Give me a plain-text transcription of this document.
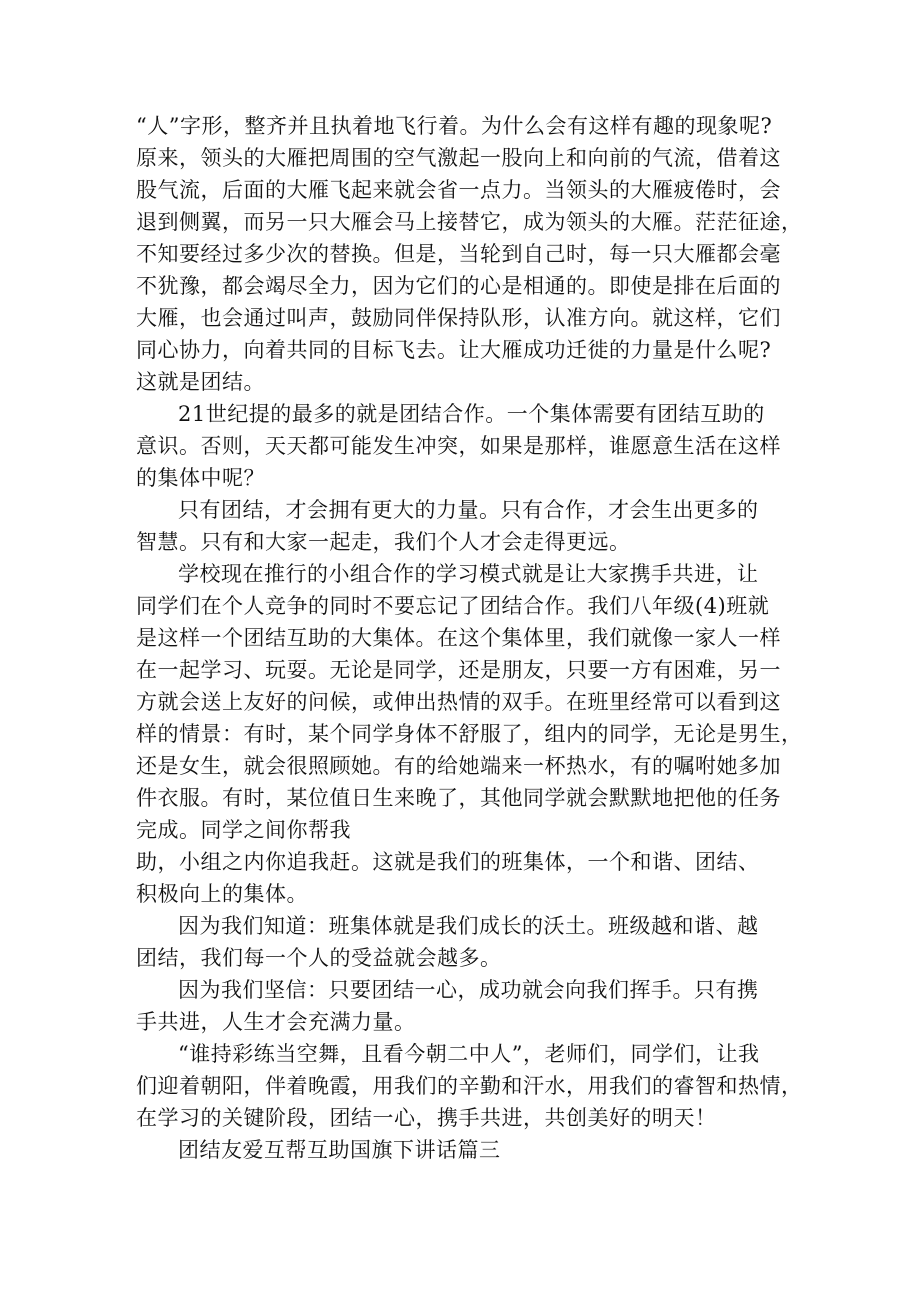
“人”字形，整齐并且执着地飞行着。为什么会有这样有趣的现象呢?
原来，领头的大雁把周围的空气激起一股向上和向前的气流，借着这
股气流，后面的大雁飞起来就会省一点力。当领头的大雁疲倦时，会
退到侧翼，而另一只大雁会马上接替它，成为领头的大雁。茫茫征途，
不知要经过多少次的替换。但是，当轮到自己时，每一只大雁都会毫
不犹豫，都会竭尽全力，因为它们的心是相通的。即使是排在后面的
大雁，也会通过叫声，鼓励同伴保持队形，认准方向。就这样，它们
同心协力，向着共同的目标飞去。让大雁成功迁徙的力量是什么呢?
这就是团结。
21世纪提的最多的就是团结合作。一个集体需要有团结互助的
意识。否则，天天都可能发生冲突，如果是那样，谁愿意生活在这样
的集体中呢？
只有团结，才会拥有更大的力量。只有合作，才会生出更多的
智慧。只有和大家一起走，我们个人才会走得更远。
学校现在推行的小组合作的学习模式就是让大家携手共进，让
同学们在个人竞争的同时不要忘记了团结合作。我们八年级(4)班就
是这样一个团结互助的大集体。在这个集体里，我们就像一家人一样
在一起学习、玩耍。无论是同学，还是朋友，只要一方有困难，另一
方就会送上友好的问候，或伸出热情的双手。在班里经常可以看到这
样的情景：有时，某个同学身体不舒服了，组内的同学，无论是男生，
还是女生，就会很照顾她。有的给她端来一杯热水，有的嘱咐她多加
件衣服。有时，某位值日生来晚了，其他同学就会默默地把他的任务
完成。同学之间你帮我
助，小组之内你追我赶。这就是我们的班集体，一个和谐、团结、
积极向上的集体。
因为我们知道：班集体就是我们成长的沃土。班级越和谐、越
团结，我们每一个人的受益就会越多。
因为我们坚信：只要团结一心，成功就会向我们挥手。只有携
手共进，人生才会充满力量。
“谁持彩练当空舞，且看今朝二中人”，老师们，同学们，让我
们迎着朝阳，伴着晚霞，用我们的辛勤和汗水，用我们的睿智和热情，
在学习的关键阶段，团结一心，携手共进，共创美好的明天！
团结友爱互帮互助国旗下讲话篇三
